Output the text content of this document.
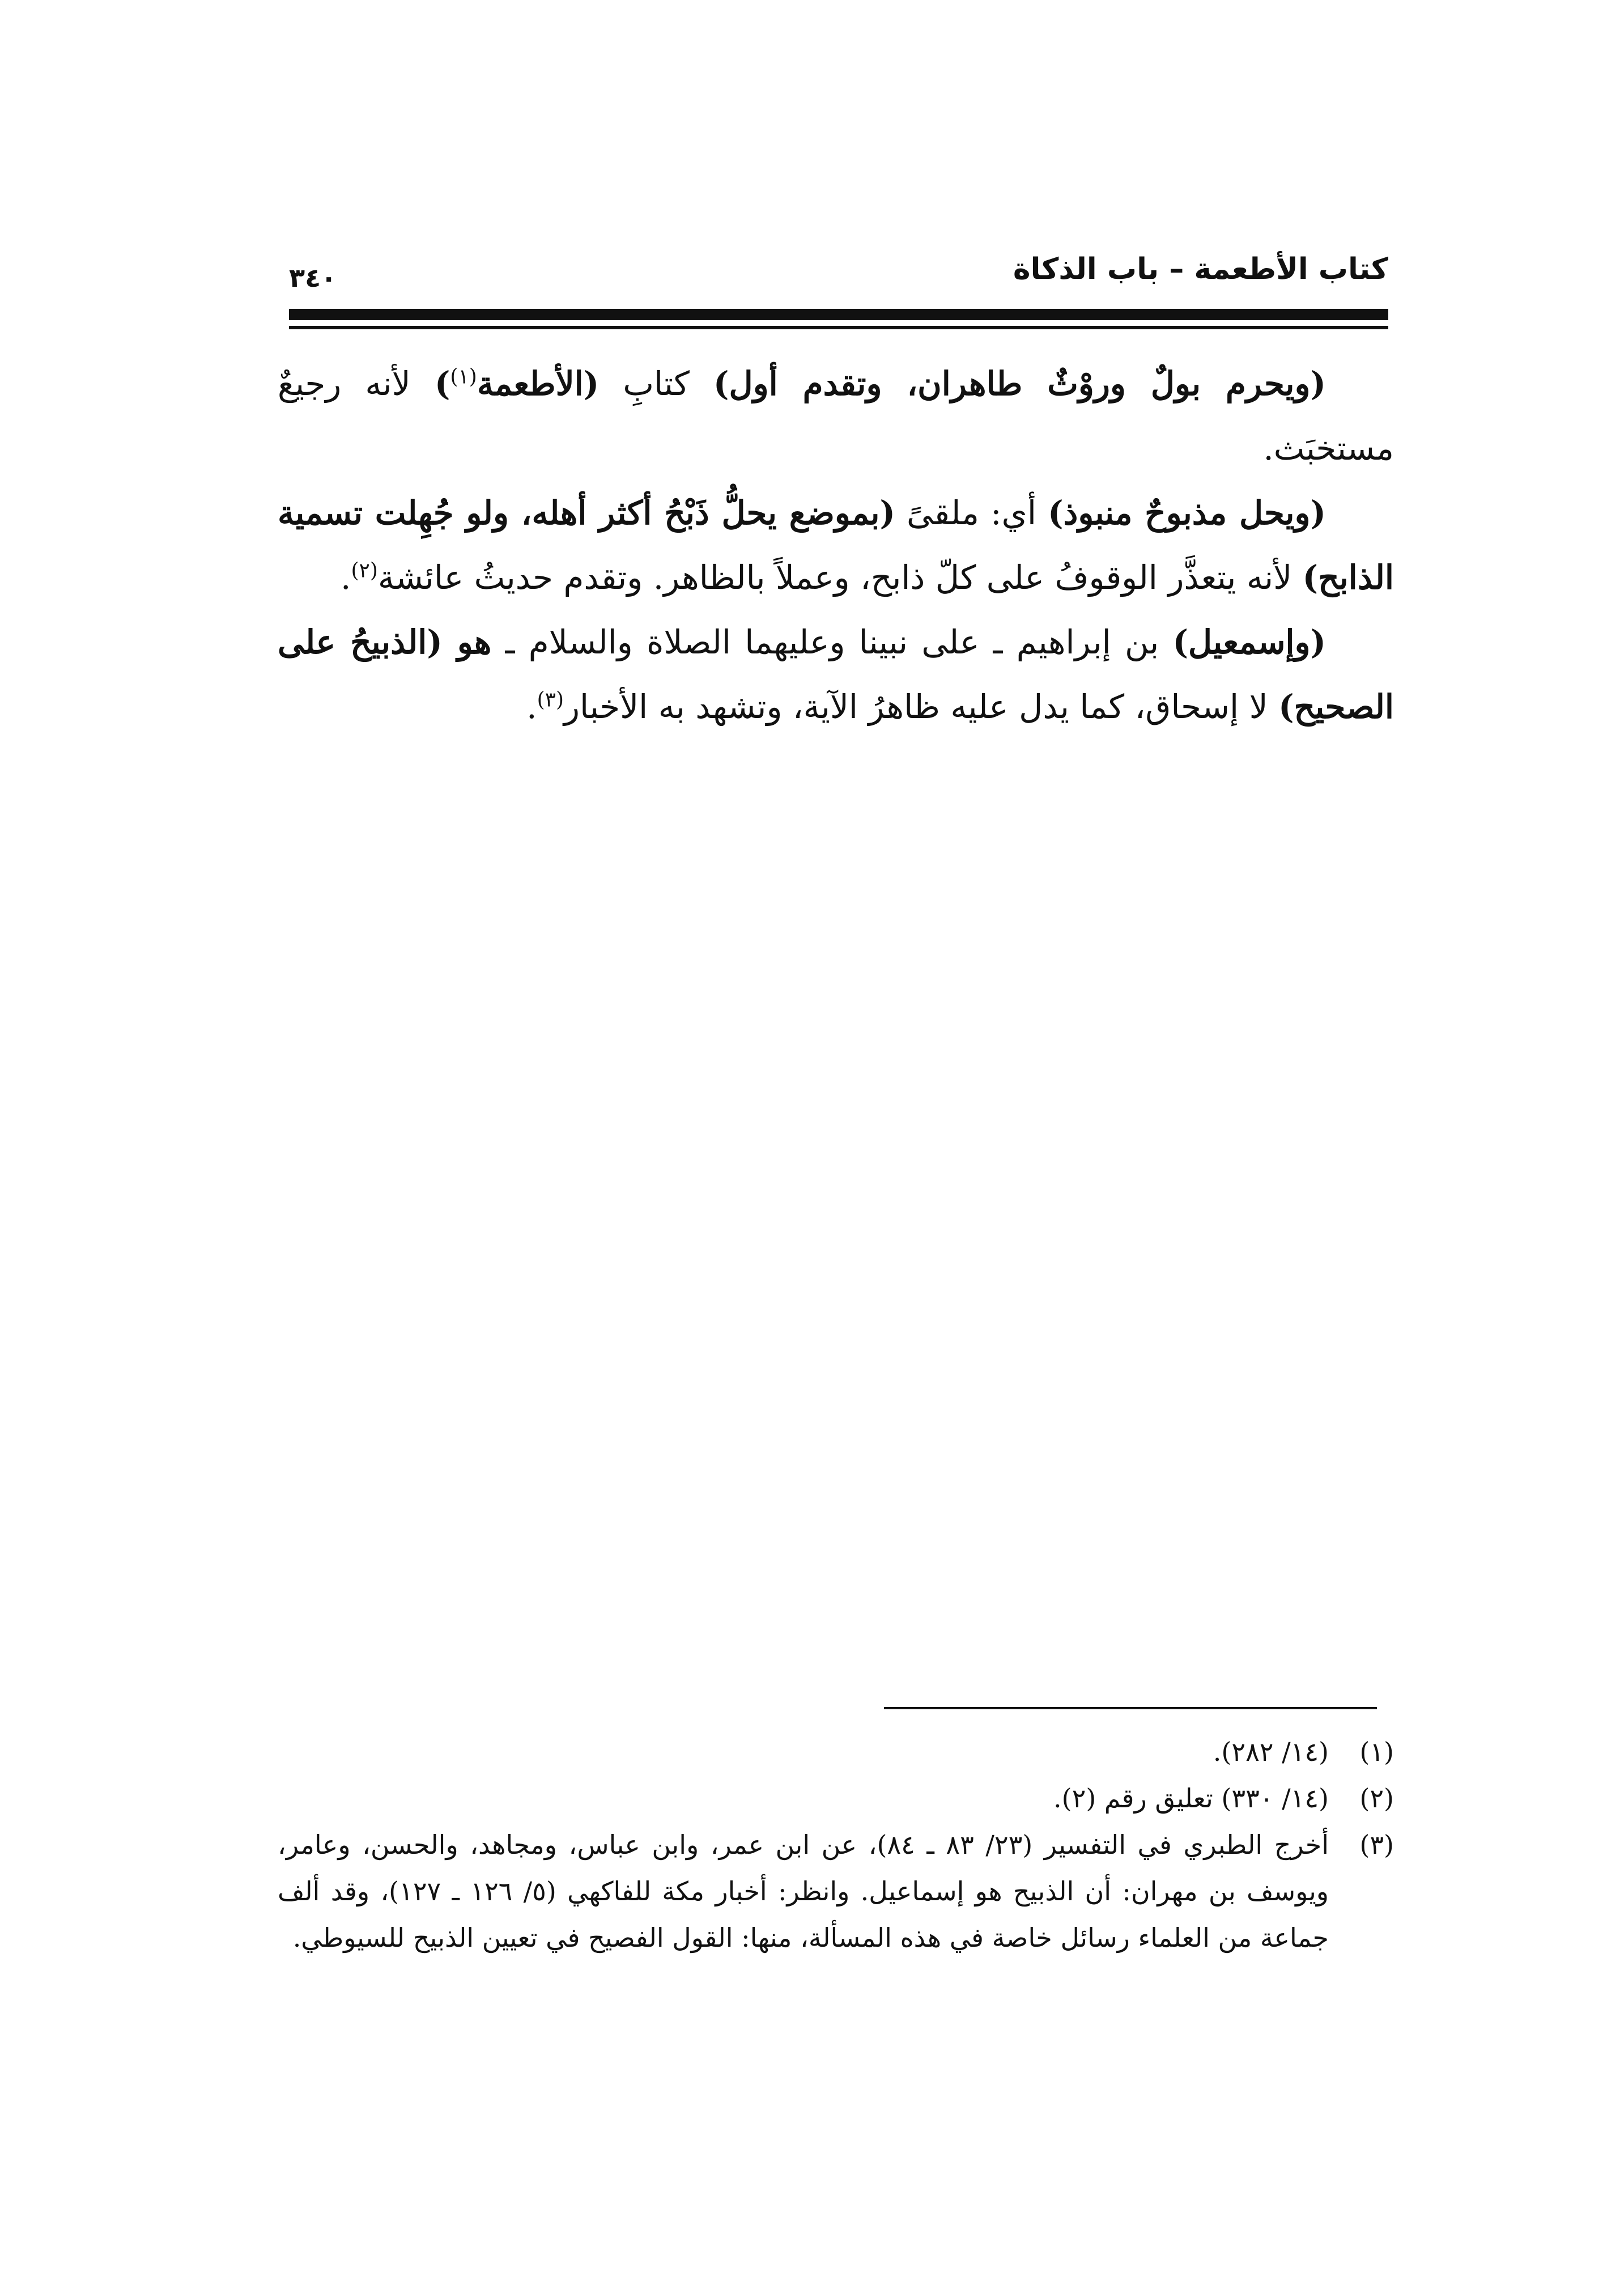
كتاب الأطعمة – باب الذكاة
٣٤٠

(ويحرم بولٌ وروْثٌ طاهران، وتقدم أول) كتابِ (الأطعمة$^{(١)}$) لأنه رجيعٌ مستخبَث.

(ويحل مذبوحٌ منبوذ) أي: ملقىً (بموضع يحلُّ ذَبْحُ أكثر أهله، ولو جُهِلت تسمية الذابح) لأنه يتعذَّر الوقوفُ على كلّ ذابح، وعملاً بالظاهر. وتقدم حديثُ عائشة$^{(٢)}$.

(وإسمعيل) بن إبراهيم ـ على نبينا وعليهما الصلاة والسلام ـ هو (الذبيحُ على الصحيح) لا إسحاق، كما يدل عليه ظاهرُ الآية، وتشهد به الأخبار$^{(٣)}$.

(١)
(١٤/ ٢٨٢).
(٢)
(١٤/ ٣٣٠) تعليق رقم (٢).
(٣)
أخرج الطبري في التفسير (٢٣/ ٨٣ ـ ٨٤)، عن ابن عمر، وابن عباس، ومجاهد، والحسن، وعامر، ويوسف بن مهران: أن الذبيح هو إسماعيل. وانظر: أخبار مكة للفاكهي (٥/ ١٢٦ ـ ١٢٧)، وقد ألف جماعة من العلماء رسائل خاصة في هذه المسألة، منها: القول الفصيح في تعيين الذبيح للسيوطي.
